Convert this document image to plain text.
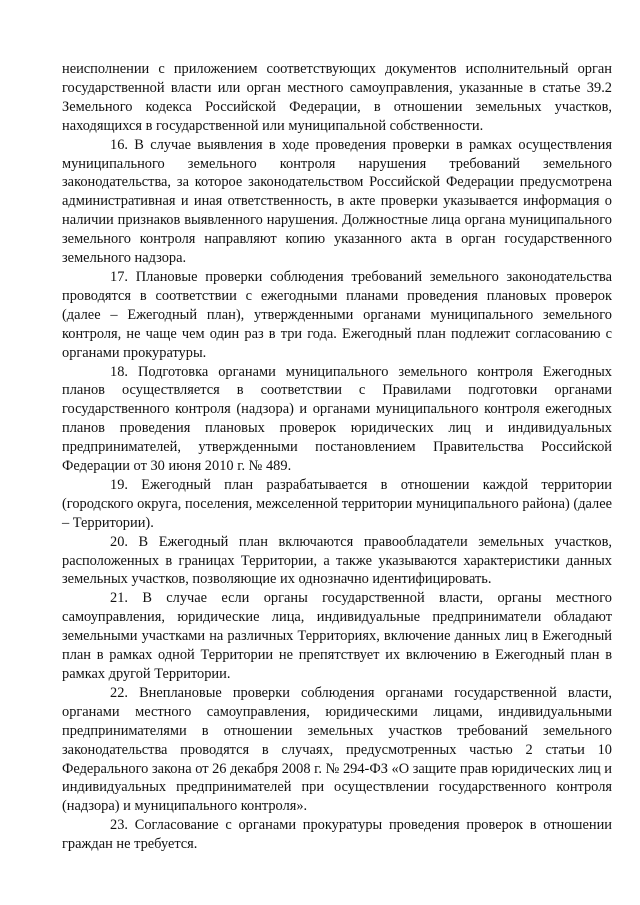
неисполнении с приложением соответствующих документов исполнительный орган государственной власти или орган местного самоуправления, указанные в статье 39.2 Земельного кодекса Российской Федерации, в отношении земельных участков, находящихся в государственной или муниципальной собственности.

16. В случае выявления в ходе проведения проверки в рамках осуществления муниципального земельного контроля нарушения требований земельного законодательства, за которое законодательством Российской Федерации предусмотрена административная и иная ответственность, в акте проверки указывается информация о наличии признаков выявленного нарушения. Должностные лица органа муниципального земельного контроля направляют копию указанного акта в орган государственного земельного надзора.

17. Плановые проверки соблюдения требований земельного законодательства проводятся в соответствии с ежегодными планами проведения плановых проверок (далее – Ежегодный план), утвержденными органами муниципального земельного контроля, не чаще чем один раз в три года. Ежегодный план подлежит согласованию с органами прокуратуры.

18. Подготовка органами муниципального земельного контроля Ежегодных планов осуществляется в соответствии с Правилами подготовки органами государственного контроля (надзора) и органами муниципального контроля ежегодных планов проведения плановых проверок юридических лиц и индивидуальных предпринимателей, утвержденными постановлением Правительства Российской Федерации от 30 июня 2010 г. № 489.

19. Ежегодный план разрабатывается в отношении каждой территории (городского округа, поселения, межселенной территории муниципального района) (далее – Территории).

20. В Ежегодный план включаются правообладатели земельных участков, расположенных в границах Территории, а также указываются характеристики данных земельных участков, позволяющие их однозначно идентифицировать.

21. В случае если органы государственной власти, органы местного самоуправления, юридические лица, индивидуальные предприниматели обладают земельными участками на различных Территориях, включение данных лиц в Ежегодный план в рамках одной Территории не препятствует их включению в Ежегодный план в рамках другой Территории.

22. Внеплановые проверки соблюдения органами государственной власти, органами местного самоуправления, юридическими лицами, индивидуальными предпринимателями в отношении земельных участков требований земельного законодательства проводятся в случаях, предусмотренных частью 2 статьи 10 Федерального закона от 26 декабря 2008 г. № 294-ФЗ «О защите прав юридических лиц и индивидуальных предпринимателей при осуществлении государственного контроля (надзора) и муниципального контроля».

23. Согласование с органами прокуратуры проведения проверок в отношении граждан не требуется.
